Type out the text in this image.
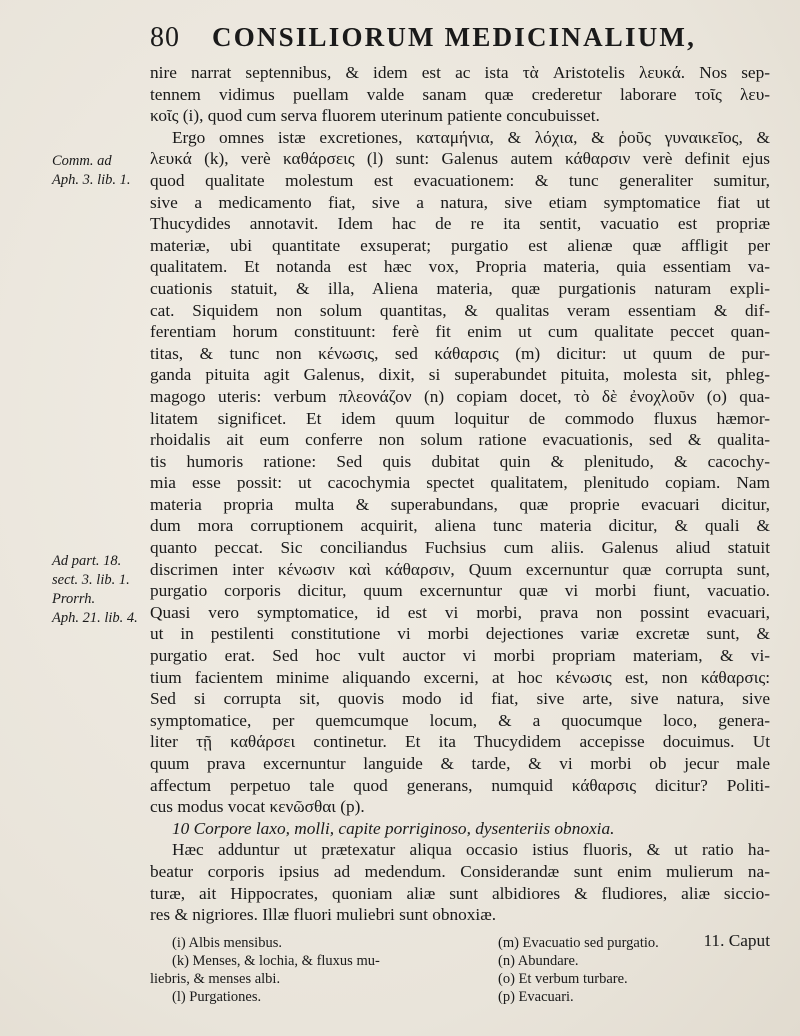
80 CONSILIORUM MEDICINALIUM,
Comm. ad
Aph. 3. lib. 1.
Ad part. 18.
sect. 3. lib. 1.
Prorrh.
Aph. 21. lib. 4.
nire narrat septennibus, & idem est ac ista τὰ Aristotelis λευκά. Nos sep-
tennem vidimus puellam valde sanam quæ crederetur laborare τοῖς λευ-
κοῖς (i), quod cum serva fluorem uterinum patiente concubuisset.
Ergo omnes istæ excretiones, καταμήνια, & λόχια, & ῥοῦς γυναικεῖος, &
λευκά (k), verè καθάρσεις (l) sunt: Galenus autem κάθαρσιν verè definit ejus
quod qualitate molestum est evacuationem: & tunc generaliter sumitur,
sive a medicamento fiat, sive a natura, sive etiam symptomatice fiat ut
Thucydides annotavit. Idem hac de re ita sentit, vacuatio est propriæ
materiæ, ubi quantitate exsuperat; purgatio est alienæ quæ affligit per
qualitatem. Et notanda est hæc vox, Propria materia, quia essentiam va-
cuationis statuit, & illa, Aliena materia, quæ purgationis naturam expli-
cat. Siquidem non solum quantitas, & qualitas veram essentiam & dif-
ferentiam horum constituunt: ferè fit enim ut cum qualitate peccet quan-
titas, & tunc non κένωσις, sed κάθαρσις (m) dicitur: ut quum de pur-
ganda pituita agit Galenus, dixit, si superabundet pituita, molesta sit, phleg-
magogo uteris: verbum πλεονάζον (n) copiam docet, τὸ δὲ ἐνοχλοῦν (o) qua-
litatem significet. Et idem quum loquitur de commodo fluxus hæmor-
rhoidalis ait eum conferre non solum ratione evacuationis, sed & qualita-
tis humoris ratione: Sed quis dubitat quin & plenitudo, & cacochy-
mia esse possit: ut cacochymia spectet qualitatem, plenitudo copiam. Nam
materia propria multa & superabundans, quæ proprie evacuari dicitur,
dum mora corruptionem acquirit, aliena tunc materia dicitur, & quali &
quanto peccat. Sic conciliandus Fuchsius cum aliis. Galenus aliud statuit
discrimen inter κένωσιν καὶ κάθαρσιν, Quum excernuntur quæ corrupta sunt,
purgatio corporis dicitur, quum excernuntur quæ vi morbi fiunt, vacuatio.
Quasi vero symptomatice, id est vi morbi, prava non possint evacuari,
ut in pestilenti constitutione vi morbi dejectiones variæ excretæ sunt, &
purgatio erat. Sed hoc vult auctor vi morbi propriam materiam, & vi-
tium facientem minime aliquando excerni, at hoc κένωσις est, non κάθαρσις:
Sed si corrupta sit, quovis modo id fiat, sive arte, sive natura, sive
symptomatice, per quemcumque locum, & a quocumque loco, genera-
liter τῇ καθάρσει continetur. Et ita Thucydidem accepisse docuimus. Ut
quum prava excernuntur languide & tarde, & vi morbi ob jecur male
affectum perpetuo tale quod generans, numquid κάθαρσις dicitur? Politi-
cus modus vocat κενῶσθαι (p).
10 Corpore laxo, molli, capite porriginoso, dysenteriis obnoxia.
Hæc adduntur ut prætexatur aliqua occasio istius fluoris, & ut ratio ha-
beatur corporis ipsius ad medendum. Considerandæ sunt enim mulierum na-
turæ, ait Hippocrates, quoniam aliæ sunt albidiores & fludiores, aliæ siccio-
res & nigriores. Illæ fluori muliebri sunt obnoxiæ.
11. Caput
(i) Albis mensibus.
(k) Menses, & lochia, & fluxus mu-
liebris, & menses albi.
(l) Purgationes.
(m) Evacuatio sed purgatio.
(n) Abundare.
(o) Et verbum turbare.
(p) Evacuari.
